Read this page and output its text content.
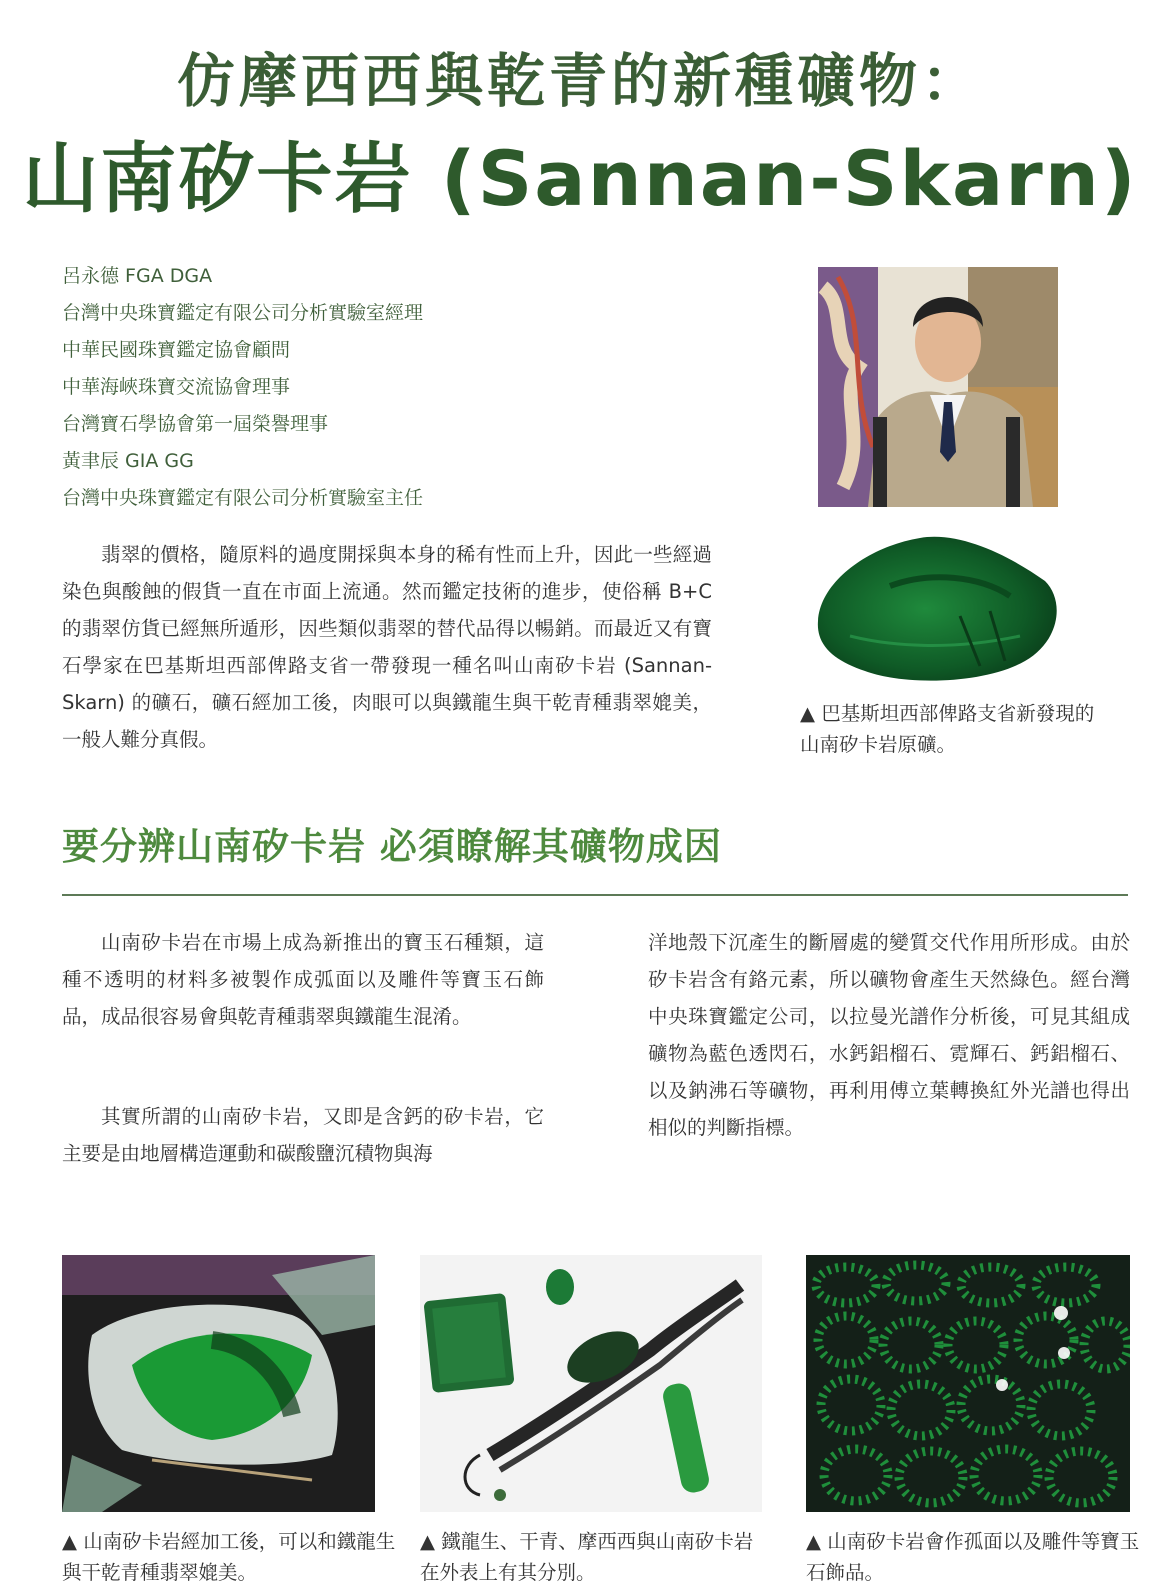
仿摩西西與乾青的新種礦物：
山南矽卡岩 (Sannan-Skarn)
呂永德 FGA DGA
台灣中央珠寶鑑定有限公司分析實驗室經理
中華民國珠寶鑑定協會顧問
中華海峽珠寶交流協會理事
台灣寶石學協會第一屆榮譽理事
黃聿辰 GIA GG
台灣中央珠寶鑑定有限公司分析實驗室主任

翡翠的價格，隨原料的過度開採與本身的稀有性而上升，因此一些經過染色與酸蝕的假貨一直在市面上流通。然而鑑定技術的進步，使俗稱 B+C 的翡翠仿貨已經無所遁形，因些類似翡翠的替代品得以暢銷。而最近又有寶石學家在巴基斯坦西部俾路支省一帶發現一種名叫山南矽卡岩 (Sannan-Skarn) 的礦石，礦石經加工後，肉眼可以與鐵龍生與干乾青種翡翠媲美，一般人難分真假。

▲ 巴基斯坦西部俾路支省新發現的山南矽卡岩原礦。

要分辨山南矽卡岩 必須瞭解其礦物成因

山南矽卡岩在市場上成為新推出的寶玉石種類，這種不透明的材料多被製作成弧面以及雕件等寶玉石飾品，成品很容易會與乾青種翡翠與鐵龍生混淆。

其實所謂的山南矽卡岩，又即是含鈣的矽卡岩，它主要是由地層構造運動和碳酸鹽沉積物與海

洋地殼下沉產生的斷層處的變質交代作用所形成。由於矽卡岩含有鉻元素，所以礦物會產生天然綠色。經台灣中央珠寶鑑定公司，以拉曼光譜作分析後，可見其組成礦物為藍色透閃石，水鈣鋁榴石、霓輝石、鈣鋁榴石、以及鈉沸石等礦物，再利用傅立葉轉換紅外光譜也得出相似的判斷指標。

▲ 山南矽卡岩經加工後，可以和鐵龍生與干乾青種翡翠媲美。

▲ 鐵龍生、干青、摩西西與山南矽卡岩在外表上有其分別。

▲ 山南矽卡岩會作孤面以及雕件等寶玉石飾品。
